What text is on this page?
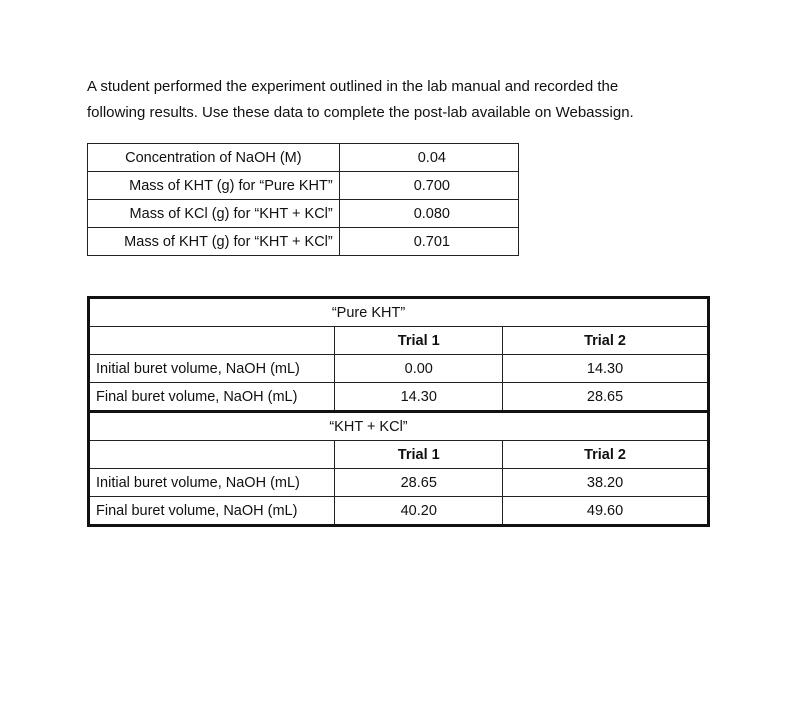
A student performed the experiment outlined in the lab manual and recorded the
following results. Use these data to complete the post-lab available on Webassign.

Concentration of NaOH (M)	0.04
Mass of KHT (g) for “Pure KHT”	0.700
Mass of KCl (g) for “KHT + KCl”	0.080
Mass of KHT (g) for “KHT + KCl”	0.701
“Pure KHT”		
	Trial 1	Trial 2
Initial buret volume, NaOH (mL)	0.00	14.30
Final buret volume, NaOH (mL)	14.30	28.65
“KHT + KCl”		
	Trial 1	Trial 2
Initial buret volume, NaOH (mL)	28.65	38.20
Final buret volume, NaOH (mL)	40.20	49.60
